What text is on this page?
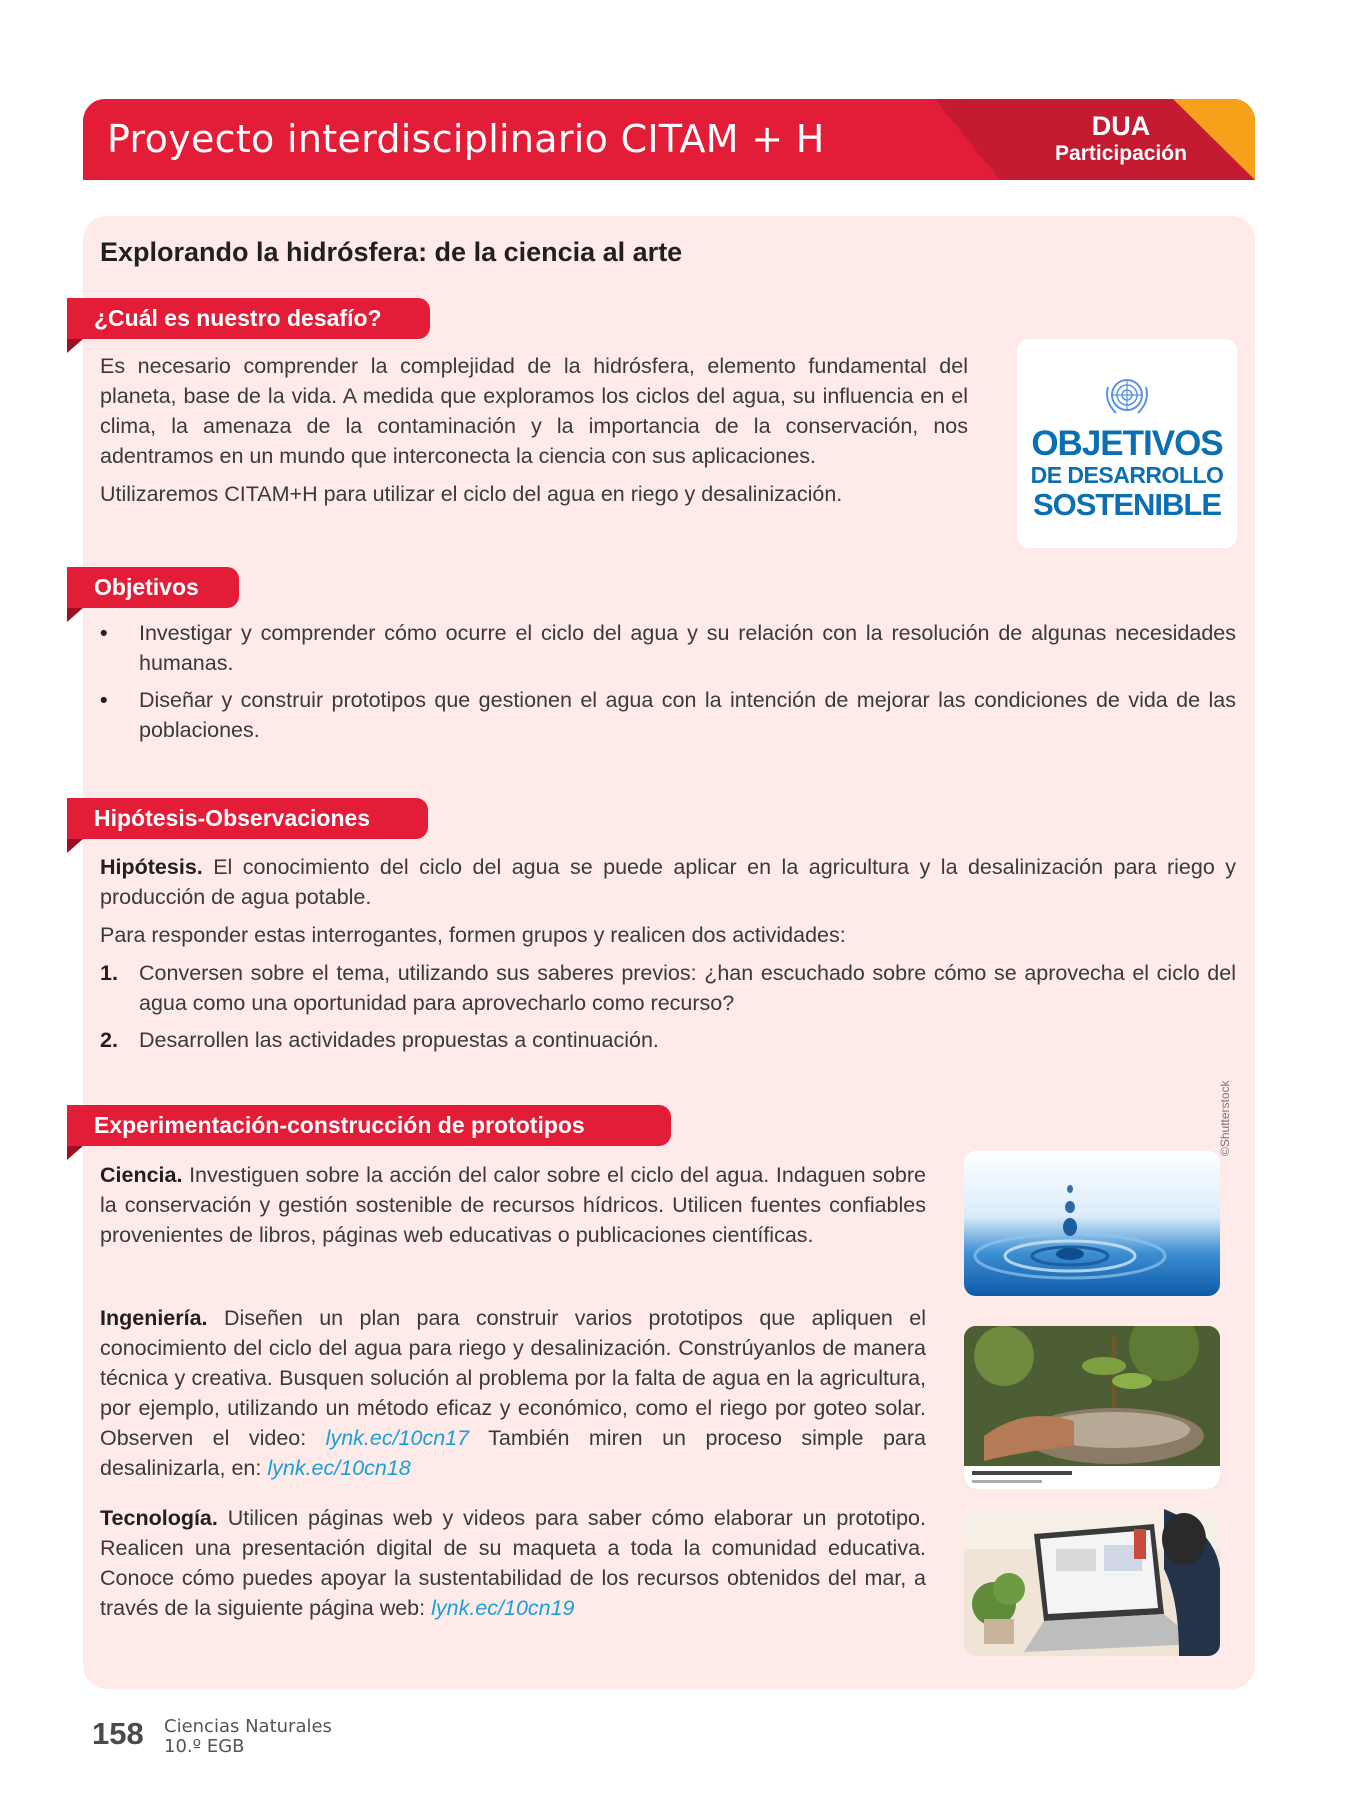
Proyecto interdisciplinario CITAM + H	DUA
Participación
Explorando la hidrósfera: de la ciencia al arte
¿Cuál es nuestro desafío?

Es necesario comprender la complejidad de la hidrósfera, elemento fundamental del planeta, base de la vida. A medida que exploramos los ciclos del agua, su influencia en el clima, la amenaza de la contaminación y la importancia de la conservación, nos adentramos en un mundo que interconecta la ciencia con sus aplicaciones.

Utilizaremos CITAM+H para utilizar el ciclo del agua en riego y desalinización.

OBJETIVOS
DE DESARROLLO
SOSTENIBLE
Objetivos
• Investigar y comprender cómo ocurre el ciclo del agua y su relación con la resolución de algunas necesidades humanas.
• Diseñar y construir prototipos que gestionen el agua con la intención de mejorar las condiciones de vida de las poblaciones.
Hipótesis-Observaciones

Hipótesis. El conocimiento del ciclo del agua se puede aplicar en la agricultura y la desalinización para riego y producción de agua potable.

Para responder estas interrogantes, formen grupos y realicen dos actividades:

1. Conversen sobre el tema, utilizando sus saberes previos: ¿han escuchado sobre cómo se aprovecha el ciclo del agua como una oportunidad para aprovecharlo como recurso?
2. Desarrollen las actividades propuestas a continuación.
Experimentación-construcción de prototipos

Ciencia. Investiguen sobre la acción del calor sobre el ciclo del agua. Indaguen sobre la conservación y gestión sostenible de recursos hídricos. Utilicen fuentes confiables provenientes de libros, páginas web educativas o publicaciones científicas.

Ingeniería. Diseñen un plan para construir varios prototipos que apliquen el conocimiento del ciclo del agua para riego y desalinización. Constrúyanlos de manera técnica y creativa. Busquen solución al problema por la falta de agua en la agricultura, por ejemplo, utilizando un método eficaz y económico, como el riego por goteo solar. Observen el video: lynk.ec/10cn17 También miren un proceso simple para desalinizarla, en: lynk.ec/10cn18

Tecnología. Utilicen páginas web y videos para saber cómo elaborar un prototipo. Realicen una presentación digital de su maqueta a toda la comunidad educativa. Conoce cómo puedes apoyar la sustentabilidad de los recursos obtenidos del mar, a través de la siguiente página web: lynk.ec/10cn19

©Shutterstock
158 Ciencias Naturales
10.º EGB
